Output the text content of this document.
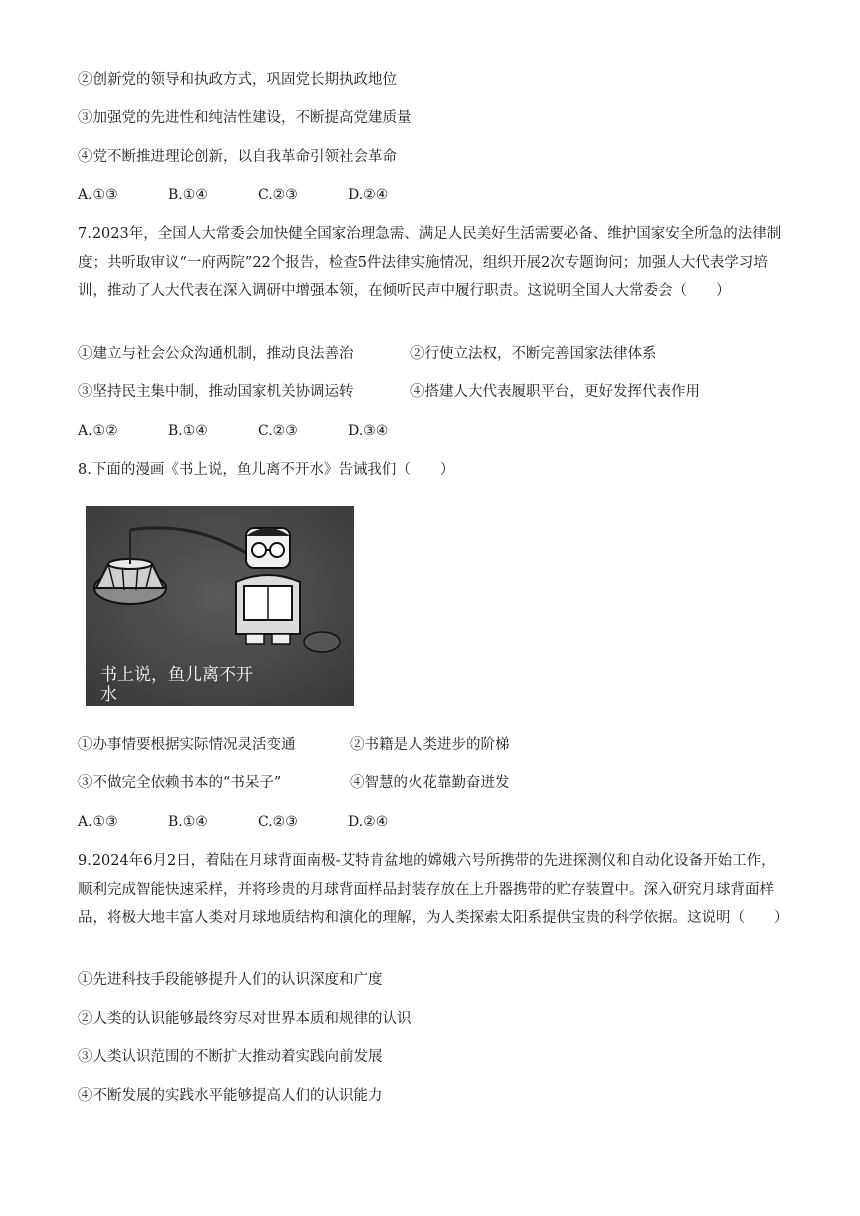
②创新党的领导和执政方式，巩固党长期执政地位
③加强党的先进性和纯洁性建设，不断提高党建质量
④党不断推进理论创新，以自我革命引领社会革命
A.①③	B.①④	C.②③	D.②④
7.2023年，全国人大常委会加快健全国家治理急需、满足人民美好生活需要必备、维护国家安全所急的法律制度；共听取审议“一府两院”22个报告，检查5件法律实施情况，组织开展2次专题询问；加强人大代表学习培训，推动了人大代表在深入调研中增强本领，在倾听民声中履行职责。这说明全国人大常委会（　　）
①建立与社会公众沟通机制，推动良法善治	②行使立法权，不断完善国家法律体系
③坚持民主集中制，推动国家机关协调运转	④搭建人大代表履职平台，更好发挥代表作用
A.①②	B.①④	C.②③	D.③④
8.下面的漫画《书上说，鱼儿离不开水》告诫我们（　　）
书上说，鱼儿离不开
水
①办事情要根据实际情况灵活变通	②书籍是人类进步的阶梯
③不做完全依赖书本的“书呆子”	④智慧的火花靠勤奋迸发
A.①③	B.①④	C.②③	D.②④
9.2024年6月2日，着陆在月球背面南极-艾特肯盆地的嫦娥六号所携带的先进探测仪和自动化设备开始工作，顺利完成智能快速采样，并将珍贵的月球背面样品封装存放在上升器携带的贮存装置中。深入研究月球背面样品，将极大地丰富人类对月球地质结构和演化的理解，为人类探索太阳系提供宝贵的科学依据。这说明（　　）
①先进科技手段能够提升人们的认识深度和广度
②人类的认识能够最终穷尽对世界本质和规律的认识
③人类认识范围的不断扩大推动着实践向前发展
④不断发展的实践水平能够提高人们的认识能力
